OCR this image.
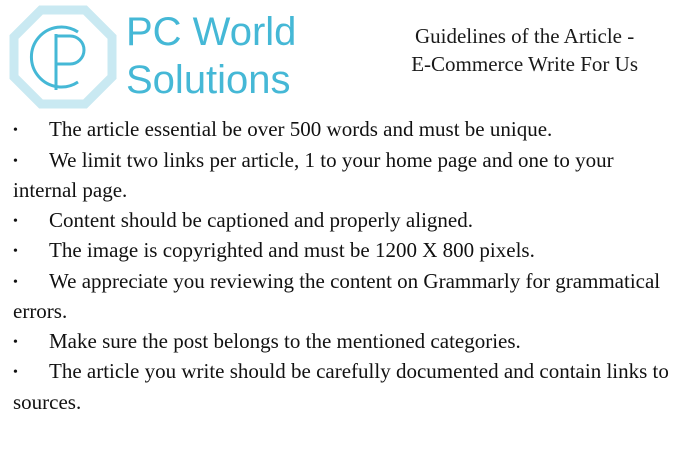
PC World
Solutions
Guidelines of the Article -
E-Commerce Write For Us
• The article essential be over 500 words and must be unique.
• We limit two links per article, 1 to your home page and one to your internal page.
• Content should be captioned and properly aligned.
• The image is copyrighted and must be 1200 X 800 pixels.
• We appreciate you reviewing the content on Grammarly for grammatical errors.
• Make sure the post belongs to the mentioned categories.
• The article you write should be carefully documented and contain links to sources.
